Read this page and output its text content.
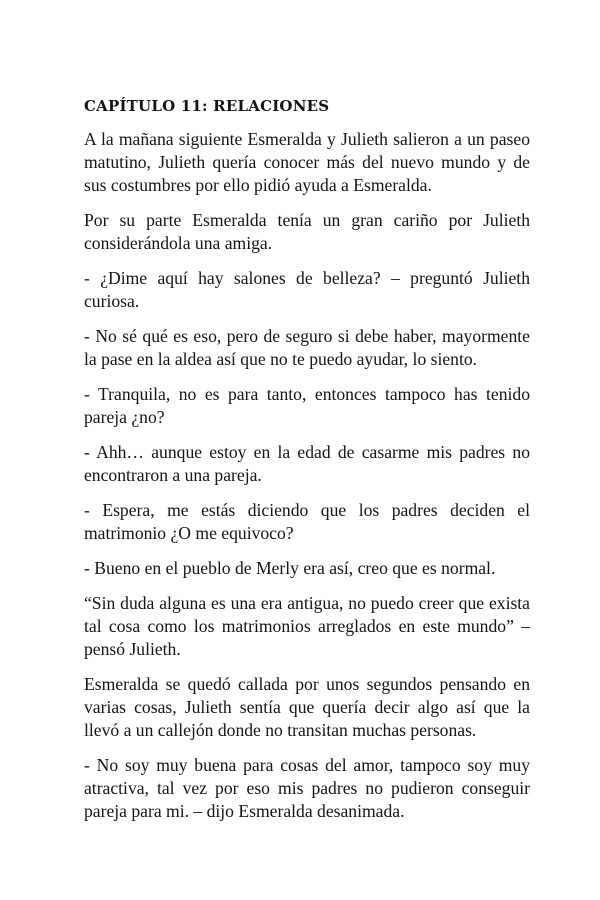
CAPÍTULO 11: RELACIONES

A la mañana siguiente Esmeralda y Julieth salieron a un paseo matutino, Julieth quería conocer más del nuevo mundo y de sus costumbres por ello pidió ayuda a Esmeralda.

Por su parte Esmeralda tenía un gran cariño por Julieth considerándola una amiga.

- ¿Dime aquí hay salones de belleza? – preguntó Julieth curiosa.

- No sé qué es eso, pero de seguro si debe haber, mayormente la pase en la aldea así que no te puedo ayudar, lo siento.

- Tranquila, no es para tanto, entonces tampoco has tenido pareja ¿no?

- Ahh… aunque estoy en la edad de casarme mis padres no encontraron a una pareja.

- Espera, me estás diciendo que los padres deciden el matrimonio ¿O me equivoco?

- Bueno en el pueblo de Merly era así, creo que es normal.

“Sin duda alguna es una era antigua, no puedo creer que exista tal cosa como los matrimonios arreglados en este mundo” – pensó Julieth.

Esmeralda se quedó callada por unos segundos pensando en varias cosas, Julieth sentía que quería decir algo así que la llevó a un callejón donde no transitan muchas personas.

- No soy muy buena para cosas del amor, tampoco soy muy atractiva, tal vez por eso mis padres no pudieron conseguir pareja para mi. – dijo Esmeralda desanimada.
